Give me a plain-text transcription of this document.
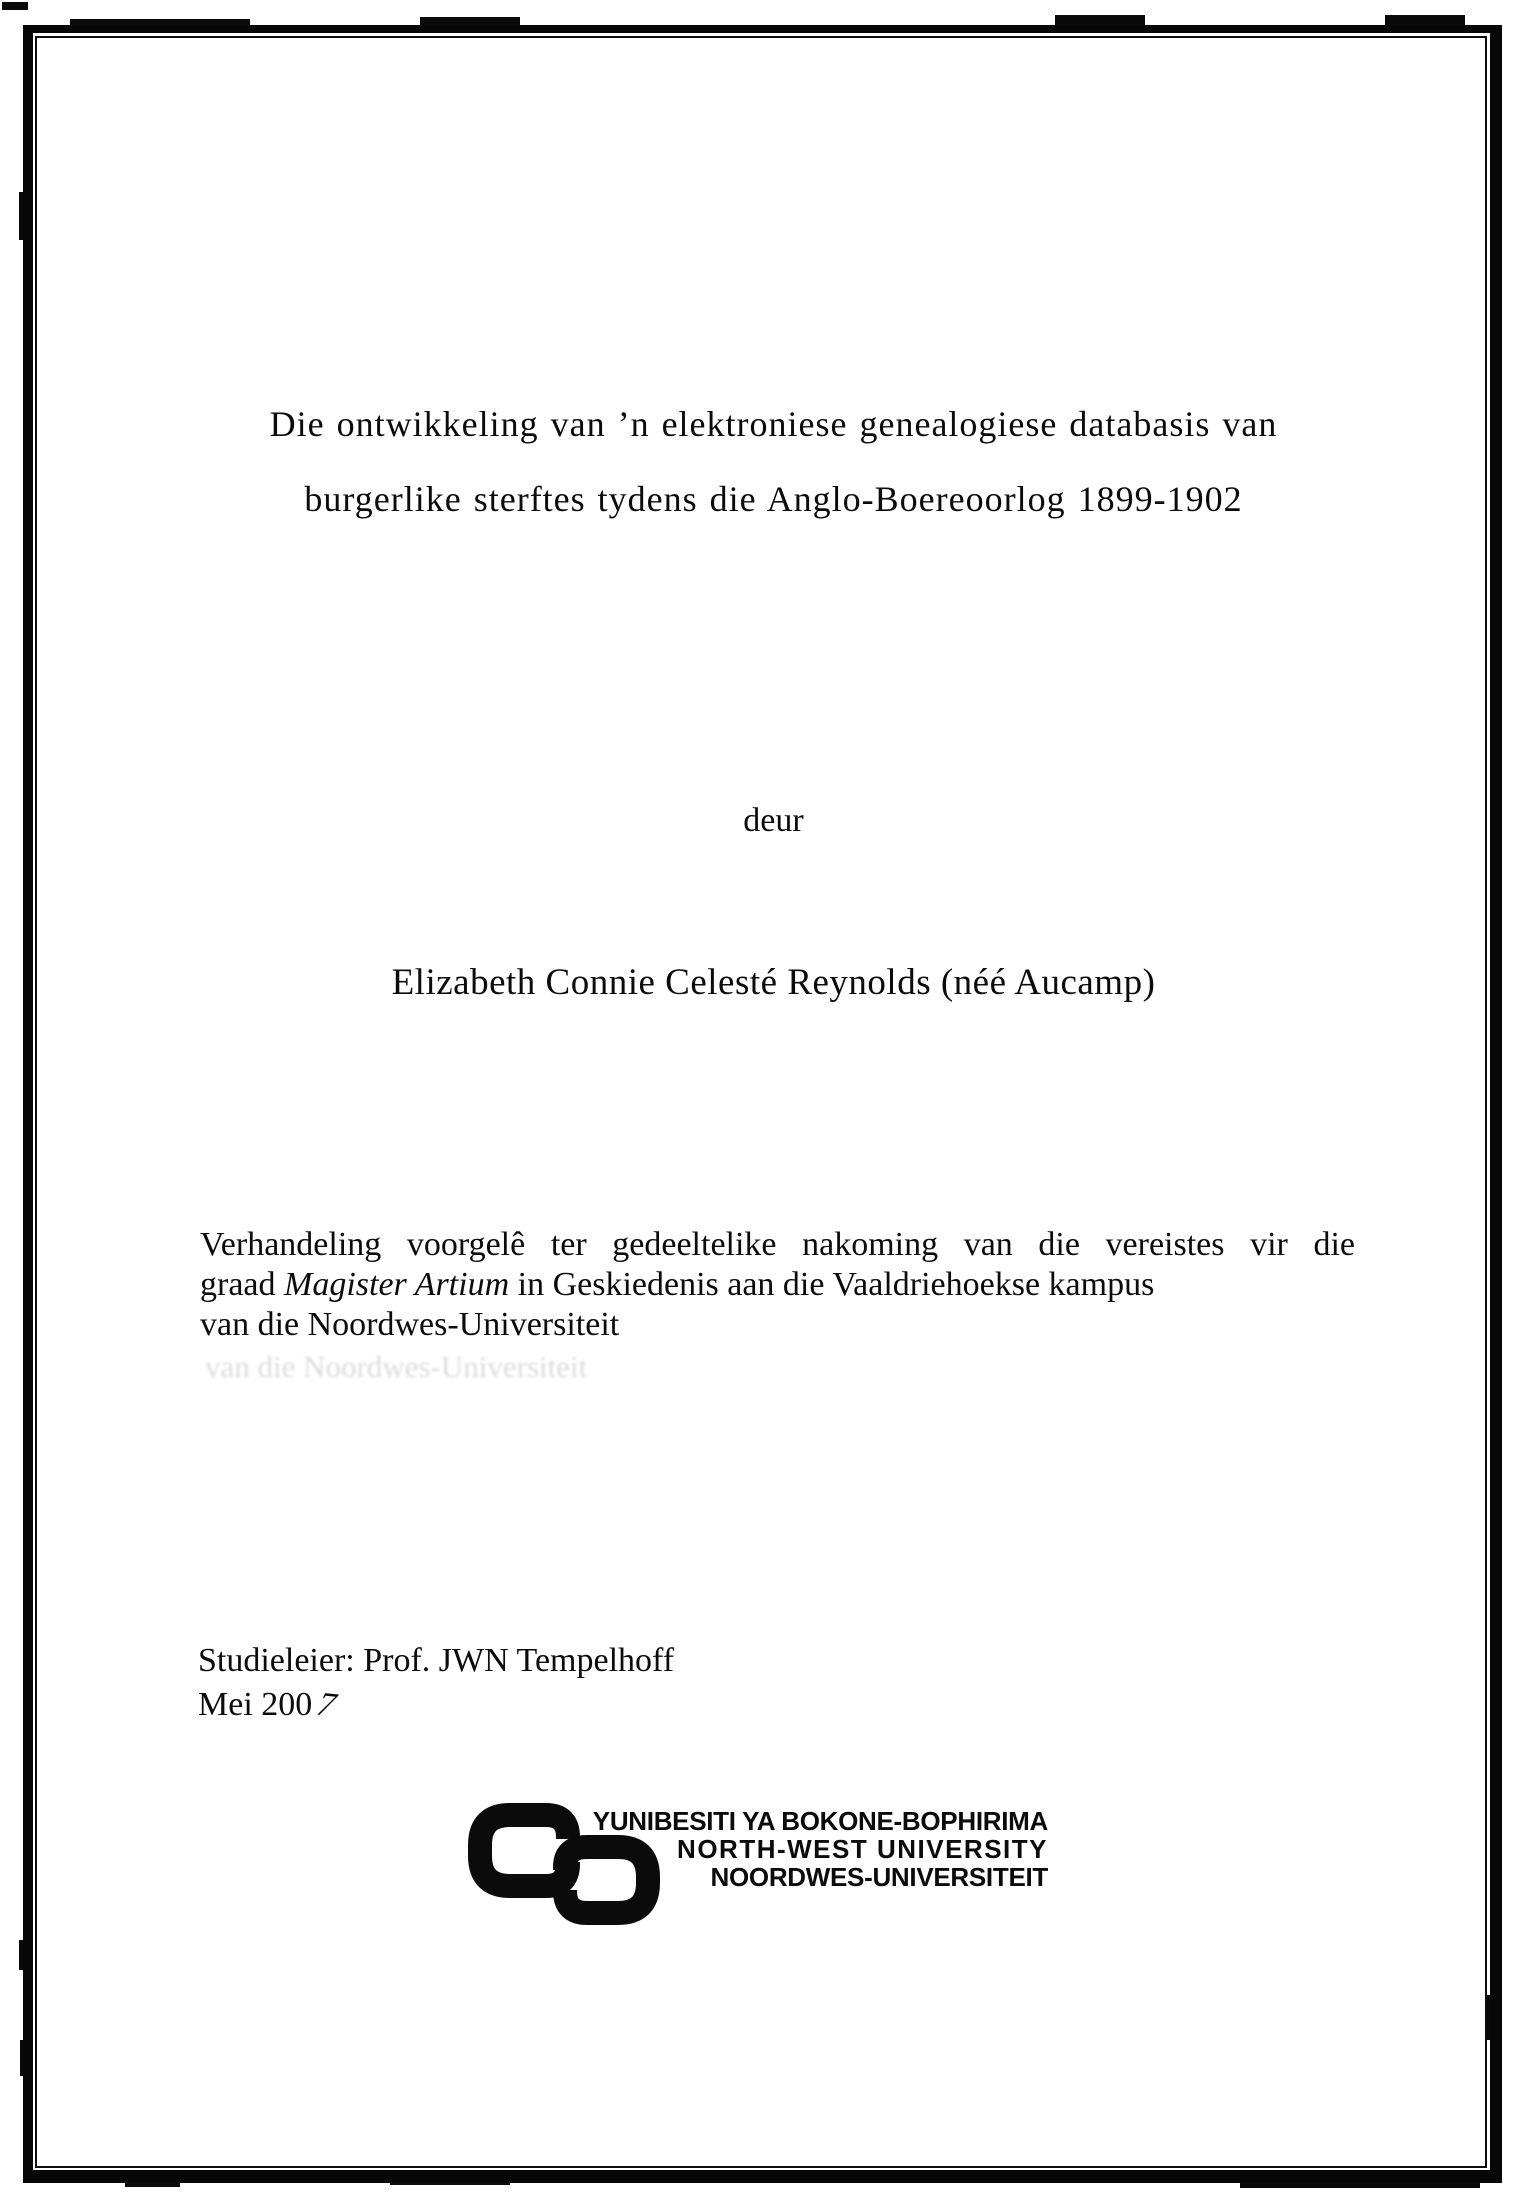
Die ontwikkeling van ’n elektroniese genealogiese databasis van
burgerlike sterftes tydens die Anglo-Boereoorlog 1899-1902
deur
Elizabeth Connie Celesté Reynolds (néé Aucamp)
Verhandeling voorgelê ter gedeeltelike nakoming van die vereistes vir die
graad Magister Artium in Geskiedenis aan die Vaaldriehoekse kampus
van die Noordwes-Universiteit
van die Noordwes-Universiteit
Studieleier: Prof. JWN Tempelhoff
Mei 2007
YUNIBESITI YA BOKONE-BOPHIRIMA
NORTH-WEST UNIVERSITY
NOORDWES-UNIVERSITEIT
